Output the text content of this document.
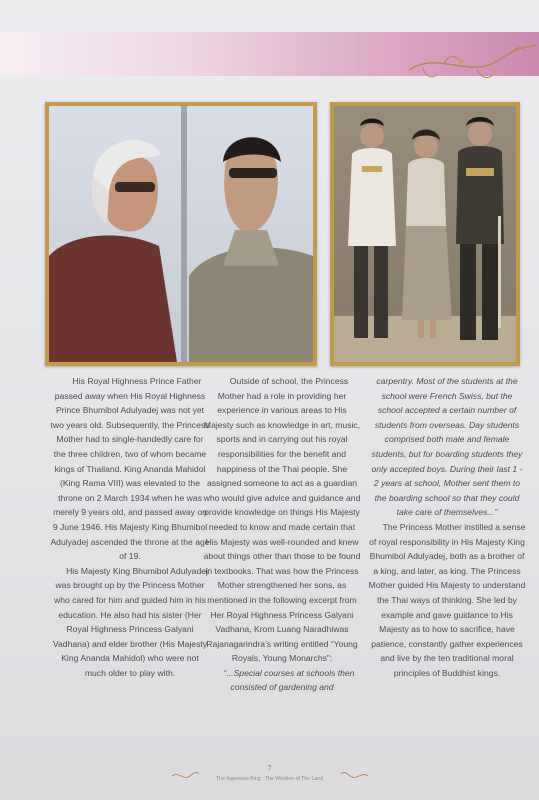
His Royal Highness Prince Father passed away when His Royal Highness Prince Bhumibol Adulyadej was not yet two years old. Subsequently, the Princess Mother had to single-handedly care for the three children, two of whom became kings of Thailand. King Ananda Mahidol (King Rama VIII) was elevated to the throne on 2 March 1934 when he was merely 9 years old, and passed away on 9 June 1946. His Majesty King Bhumibol Adulyadej ascended the throne at the age of 19.

His Majesty King Bhumibol Adulyadej was brought up by the Princess Mother who cared for him and guided him in his education. He also had his sister (Her Royal Highness Princess Galyani Vadhana) and elder brother (His Majesty King Ananda Mahidol) who were not much older to play with.

Outside of school, the Princess Mother had a role in providing her experience in various areas to His Majesty such as knowledge in art, music, sports and in carrying out his royal responsibilities for the benefit and happiness of the Thai people. She assigned someone to act as a guardian who would give advice and guidance and provide knowledge on things His Majesty needed to know and made certain that His Majesty was well-rounded and knew about things other than those to be found in textbooks. That was how the Princess Mother strengthened her sons, as mentioned in the following excerpt from Her Royal Highness Princess Galyani Vadhana, Krom Luang Naradhiwas Rajanagarindra’s writing entitled “Young Royals, Young Monarchs”:

“...Special courses at schools then consisted of gardening and

carpentry. Most of the students at the school were French Swiss, but the school accepted a certain number of students from overseas. Day students comprised both male and female students, but for boarding students they only accepted boys. During their last 1 - 2 years at school, Mother sent them to the boarding school so that they could take care of themselves...”

The Princess Mother instilled a sense of royal responsibility in His Majesty King Bhumibol Adulyadej, both as a brother of a king, and later, as king. The Princess Mother guided His Majesty to understand the Thai ways of thinking. She led by example and gave guidance to His Majesty as to how to sacrifice, have patience, constantly gather experiences and live by the ten traditional moral principles of Buddhist kings.

7
The Ingenious King : The Wisdom of The Land
